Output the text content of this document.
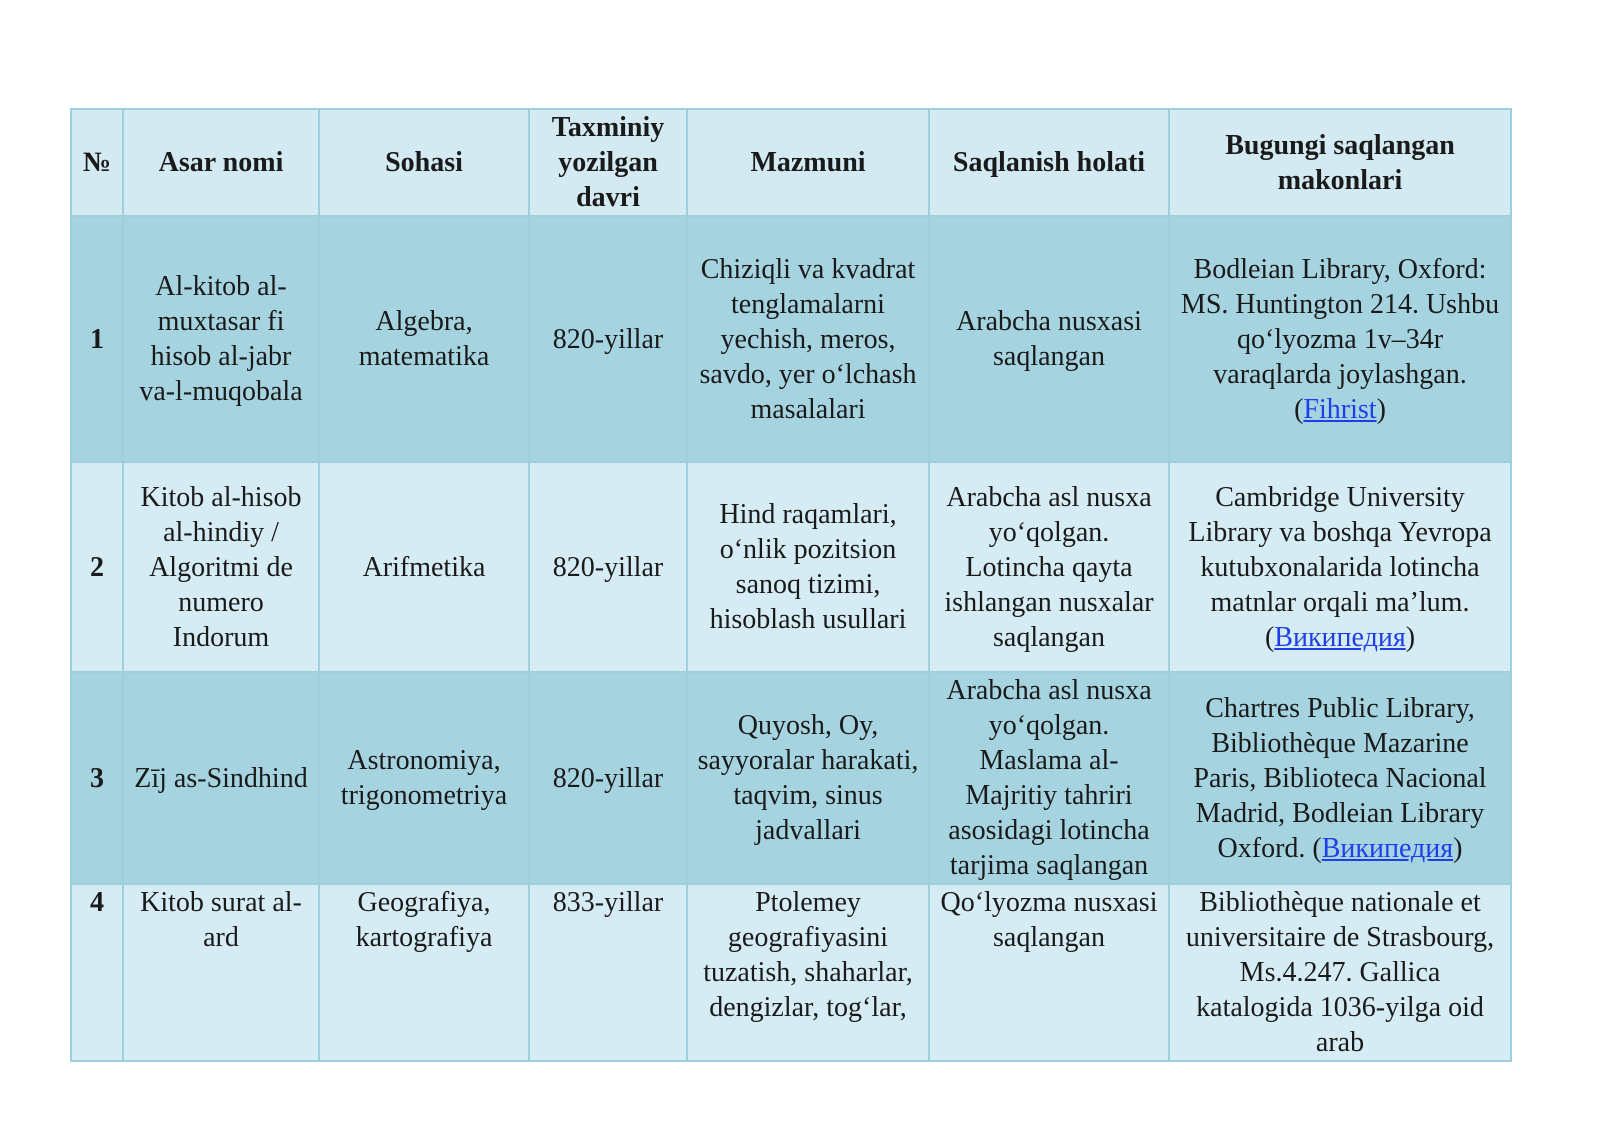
№	Asar nomi	Sohasi	Taxminiy yozilgan davri	Mazmuni	Saqlanish holati	Bugungi saqlangan makonlari
1	Al-kitob al-muxtasar fi hisob al-jabr va-l-muqobala	Algebra, matematika	820-yillar	Chiziqli va kvadrat tenglamalarni yechish, meros, savdo, yer o‘lchash masalalari	Arabcha nusxasi saqlangan	Bodleian Library, Oxford: MS. Huntington 214. Ushbu qo‘lyozma 1v–34r varaqlarda joylashgan. (Fihrist)
2	Kitob al-hisob al-hindiy / Algoritmi de numero Indorum	Arifmetika	820-yillar	Hind raqamlari, o‘nlik pozitsion sanoq tizimi, hisoblash usullari	Arabcha asl nusxa yo‘qolgan. Lotincha qayta ishlangan nusxalar saqlangan	Cambridge University Library va boshqa Yevropa kutubxonalarida lotincha matnlar orqali ma’lum. (Википедия)
3	Zīj as-Sindhind	Astronomiya, trigonometriya	820-yillar	Quyosh, Oy, sayyoralar harakati, taqvim, sinus jadvallari	Arabcha asl nusxa yo‘qolgan. Maslama al-Majritiy tahriri asosidagi lotincha tarjima saqlangan	Chartres Public Library, Bibliothèque Mazarine Paris, Biblioteca Nacional Madrid, Bodleian Library Oxford. (Википедия)
4	Kitob surat al-ard	Geografiya, kartografiya	833-yillar	Ptolemey geografiyasini tuzatish, shaharlar, dengizlar, tog‘lar,	Qo‘lyozma nusxasi saqlangan	Bibliothèque nationale et universitaire de Strasbourg, Ms.4.247. Gallica katalogida 1036-yilga oid arab
